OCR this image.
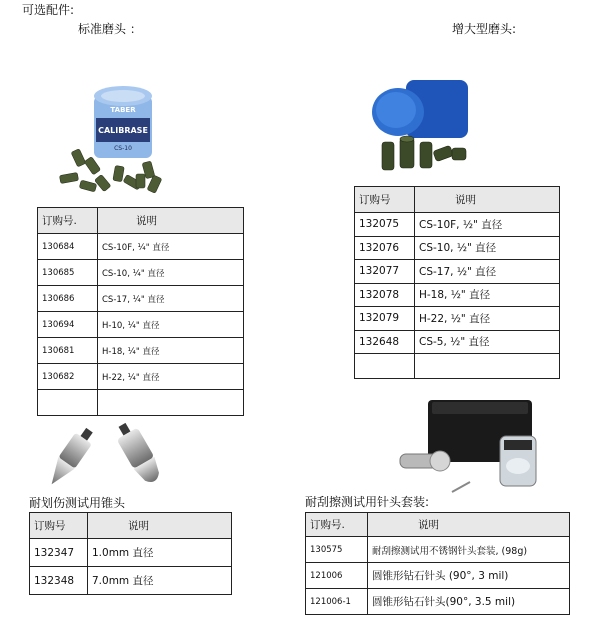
可选配件:
标准磨头 ：	增大型磨头:
TABER
CALIBRASE
CS-10
订购号.	说明
130684	CS-10F, ¼" 直径
130685	CS-10, ¼" 直径
130686	CS-17, ¼" 直径
130694	H-10, ¼" 直径
130681	H-18, ¼" 直径
130682	H-22, ¼" 直径

订购号	说明
132075	CS-10F, ½" 直径
132076	CS-10, ½" 直径
132077	CS-17, ½" 直径
132078	H-18, ½" 直径
132079	H-22, ½" 直径
132648	CS-5, ½" 直径

耐划伤测试用锥头
订购号	说明
132347	1.0mm 直径
132348	7.0mm 直径
耐刮擦测试用针头套装:
订购号.	说明
130575	耐刮擦测试用不锈钢针头套装, (98g)
121006	圆锥形钻石针头 (90°, 3 mil)
121006-1	圆锥形钻石针头(90°, 3.5 mil)
